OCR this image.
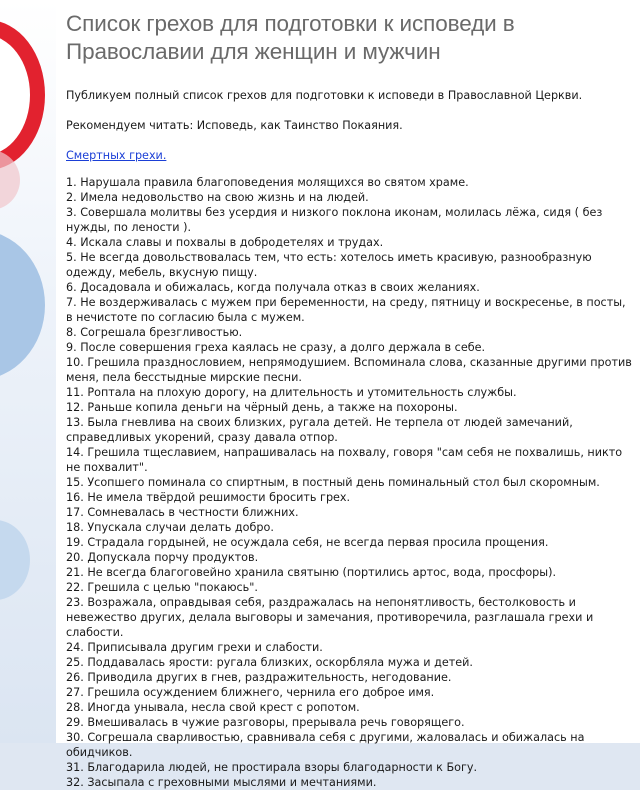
Список грехов для подготовки к исповеди в Православии для женщин и мужчин

Публикуем полный список грехов для подготовки к исповеди в Православной Церкви.

Рекомендуем читать: Исповедь, как Таинство Покаяния.

Смертных грехи.
1. Нарушала правила благоповедения молящихся во святом храме.
2. Имела недовольство на свою жизнь и на людей.
3. Совершала молитвы без усердия и низкого поклона иконам, молилась лёжа, сидя ( без нужды, по лености ).
4. Искала славы и похвалы в добродетелях и трудах.
5. Не всегда довольствовалась тем, что есть: хотелось иметь красивую, разнообразную одежду, мебель, вкусную пищу.
6. Досадовала и обижалась, когда получала отказ в своих желаниях.
7. Не воздерживалась с мужем при беременности, на среду, пятницу и воскресенье, в посты, в нечистоте по согласию была с мужем.
8. Согрешала брезгливостью.
9. После совершения греха каялась не сразу, а долго держала в себе.
10. Грешила празднословием, непрямодушием. Вспоминала слова, сказанные другими против меня, пела бесстыдные мирские песни.
11. Роптала на плохую дорогу, на длительность и утомительность службы.
12. Раньше копила деньги на чёрный день, а также на похороны.
13. Была гневлива на своих близких, ругала детей. Не терпела от людей замечаний, справедливых укорений, сразу давала отпор.
14. Грешила тщеславием, напрашивалась на похвалу, говоря "сам себя не похвалишь, никто не похвалит".
15. Усопшего поминала со спиртным, в постный день поминальный стол был скоромным.
16. Не имела твёрдой решимости бросить грех.
17. Сомневалась в честности ближних.
18. Упускала случаи делать добро.
19. Страдала гордыней, не осуждала себя, не всегда первая просила прощения.
20. Допускала порчу продуктов.
21. Не всегда благоговейно хранила святыню (портились артос, вода, просфоры).
22. Грешила с целью "покаюсь".
23. Возражала, оправдывая себя, раздражалась на непонятливость, бестолковость и невежество других, делала выговоры и замечания, противоречила, разглашала грехи и слабости.
24. Приписывала другим грехи и слабости.
25. Поддавалась ярости: ругала близких, оскорбляла мужа и детей.
26. Приводила других в гнев, раздражительность, негодование.
27. Грешила осуждением ближнего, чернила его доброе имя.
28. Иногда унывала, несла свой крест с ропотом.
29. Вмешивалась в чужие разговоры, прерывала речь говорящего.
30. Согрешала сварливостью, сравнивала себя с другими, жаловалась и обижалась на обидчиков.
31. Благодарила людей, не простирала взоры благодарности к Богу.
32. Засыпала с греховными мыслями и мечтаниями.
